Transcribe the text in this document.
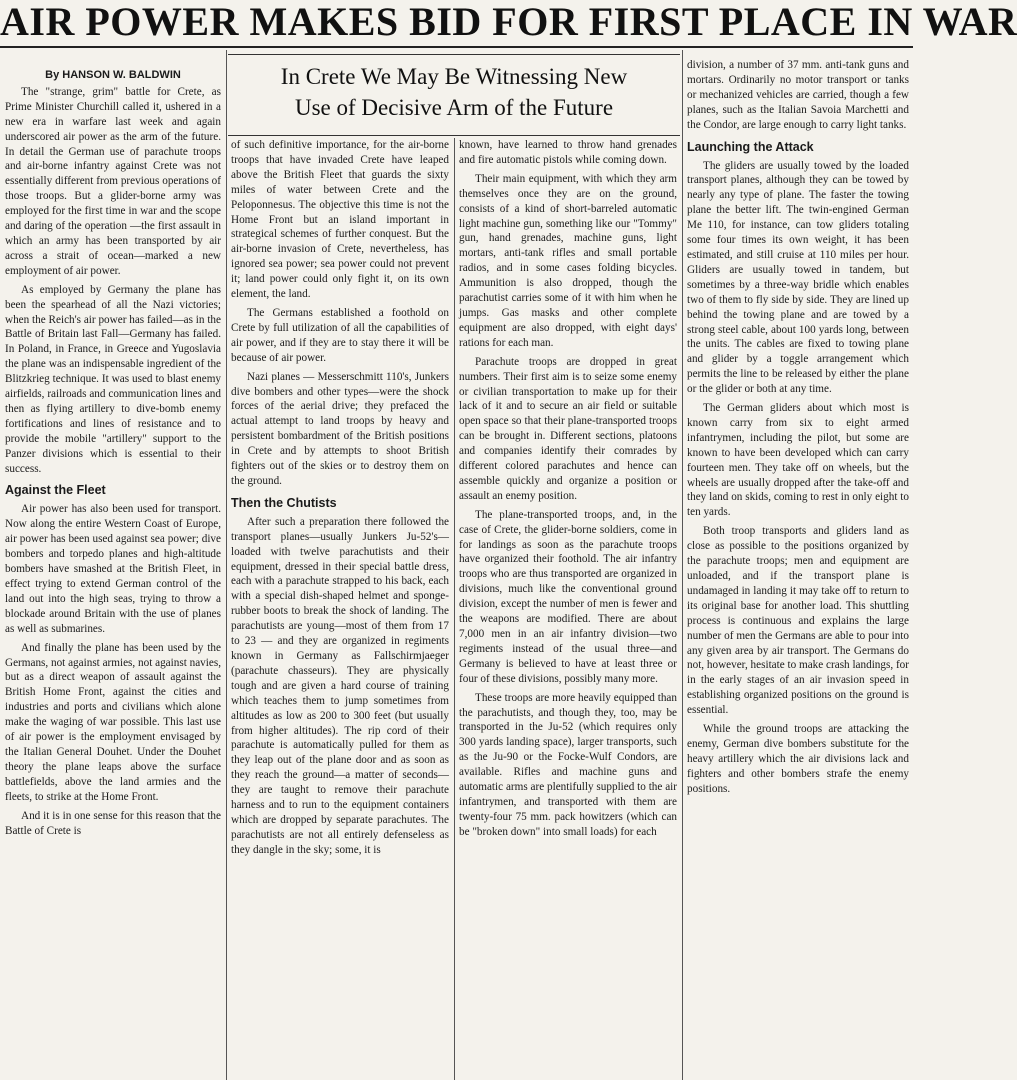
AIR POWER MAKES BID FOR FIRST PLACE IN WAR
In Crete We May Be Witnessing New
Use of Decisive Arm of the Future
By HANSON W. BALDWIN

The "strange, grim" battle for Crete, as Prime Minister Churchill called it, ushered in a new era in warfare last week and again underscored air power as the arm of the future. In detail the German use of parachute troops and air-borne infantry against Crete was not essentially different from previous operations of those troops. But a glider-borne army was employed for the first time in war and the scope and daring of the operation —the first assault in which an army has been transported by air across a strait of ocean—marked a new employment of air power.

As employed by Germany the plane has been the spearhead of all the Nazi victories; when the Reich's air power has failed—as in the Battle of Britain last Fall—Germany has failed. In Poland, in France, in Greece and Yugoslavia the plane was an indispensable ingredient of the Blitzkrieg technique. It was used to blast enemy airfields, railroads and communication lines and then as flying artillery to dive-bomb enemy fortifications and lines of resistance and to provide the mobile "artillery" support to the Panzer divisions which is essential to their success.

Against the Fleet

Air power has also been used for transport. Now along the entire Western Coast of Europe, air power has been used against sea power; dive bombers and torpedo planes and high-altitude bombers have smashed at the British Fleet, in effect trying to extend German control of the land out into the high seas, trying to throw a blockade around Britain with the use of planes as well as submarines.

And finally the plane has been used by the Germans, not against armies, not against navies, but as a direct weapon of assault against the British Home Front, against the cities and industries and ports and civilians which alone make the waging of war possible. This last use of air power is the employment envisaged by the Italian General Douhet. Under the Douhet theory the plane leaps above the surface battlefields, above the land armies and the fleets, to strike at the Home Front.

And it is in one sense for this reason that the Battle of Crete is

of such definitive importance, for the air-borne troops that have invaded Crete have leaped above the British Fleet that guards the sixty miles of water between Crete and the Peloponnesus. The objective this time is not the Home Front but an island important in strategical schemes of further conquest. But the air-borne invasion of Crete, nevertheless, has ignored sea power; sea power could not prevent it; land power could only fight it, on its own element, the land.

The Germans established a foothold on Crete by full utilization of all the capabilities of air power, and if they are to stay there it will be because of air power.

Nazi planes — Messerschmitt 110's, Junkers dive bombers and other types—were the shock forces of the aerial drive; they prefaced the actual attempt to land troops by heavy and persistent bombardment of the British positions in Crete and by attempts to shoot British fighters out of the skies or to destroy them on the ground.

Then the Chutists

After such a preparation there followed the transport planes—usually Junkers Ju-52's—loaded with twelve parachutists and their equipment, dressed in their special battle dress, each with a parachute strapped to his back, each with a special dish-shaped helmet and sponge-rubber boots to break the shock of landing. The parachutists are young—most of them from 17 to 23 — and they are organized in regiments known in Germany as Fallschirmjaeger (parachute chasseurs). They are physically tough and are given a hard course of training which teaches them to jump sometimes from altitudes as low as 200 to 300 feet (but usually from higher altitudes). The rip cord of their parachute is automatically pulled for them as they leap out of the plane door and as soon as they reach the ground—a matter of seconds—they are taught to remove their parachute harness and to run to the equipment containers which are dropped by separate parachutes. The parachutists are not all entirely defenseless as they dangle in the sky; some, it is

known, have learned to throw hand grenades and fire automatic pistols while coming down.

Their main equipment, with which they arm themselves once they are on the ground, consists of a kind of short-barreled automatic light machine gun, something like our "Tommy" gun, hand grenades, machine guns, light mortars, anti-tank rifles and small portable radios, and in some cases folding bicycles. Ammunition is also dropped, though the parachutist carries some of it with him when he jumps. Gas masks and other complete equipment are also dropped, with eight days' rations for each man.

Parachute troops are dropped in great numbers. Their first aim is to seize some enemy or civilian transportation to make up for their lack of it and to secure an air field or suitable open space so that their plane-transported troops can be brought in. Different sections, platoons and companies identify their comrades by different colored parachutes and hence can assemble quickly and organize a position or assault an enemy position.

The plane-transported troops, and, in the case of Crete, the glider-borne soldiers, come in for landings as soon as the parachute troops have organized their foothold. The air infantry troops who are thus transported are organized in divisions, much like the conventional ground division, except the number of men is fewer and the weapons are modified. There are about 7,000 men in an air infantry division—two regiments instead of the usual three—and Germany is believed to have at least three or four of these divisions, possibly many more.

These troops are more heavily equipped than the parachutists, and though they, too, may be transported in the Ju-52 (which requires only 300 yards landing space), larger transports, such as the Ju-90 or the Focke-Wulf Condors, are available. Rifles and machine guns and automatic arms are plentifully supplied to the air infantrymen, and transported with them are twenty-four 75 mm. pack howitzers (which can be "broken down" into small loads) for each

division, a number of 37 mm. anti-tank guns and mortars. Ordinarily no motor transport or tanks or mechanized vehicles are carried, though a few planes, such as the Italian Savoia Marchetti and the Condor, are large enough to carry light tanks.

Launching the Attack

The gliders are usually towed by the loaded transport planes, although they can be towed by nearly any type of plane. The faster the towing plane the better lift. The twin-engined German Me 110, for instance, can tow gliders totaling some four times its own weight, it has been estimated, and still cruise at 110 miles per hour. Gliders are usually towed in tandem, but sometimes by a three-way bridle which enables two of them to fly side by side. They are lined up behind the towing plane and are towed by a strong steel cable, about 100 yards long, between the units. The cables are fixed to towing plane and glider by a toggle arrangement which permits the line to be released by either the plane or the glider or both at any time.

The German gliders about which most is known carry from six to eight armed infantrymen, including the pilot, but some are known to have been developed which can carry fourteen men. They take off on wheels, but the wheels are usually dropped after the take-off and they land on skids, coming to rest in only eight to ten yards.

Both troop transports and gliders land as close as possible to the positions organized by the parachute troops; men and equipment are unloaded, and if the transport plane is undamaged in landing it may take off to return to its original base for another load. This shuttling process is continuous and explains the large number of men the Germans are able to pour into any given area by air transport. The Germans do not, however, hesitate to make crash landings, for in the early stages of an air invasion speed in establishing organized positions on the ground is essential.

While the ground troops are attacking the enemy, German dive bombers substitute for the heavy artillery which the air divisions lack and fighters and other bombers strafe the enemy positions.
